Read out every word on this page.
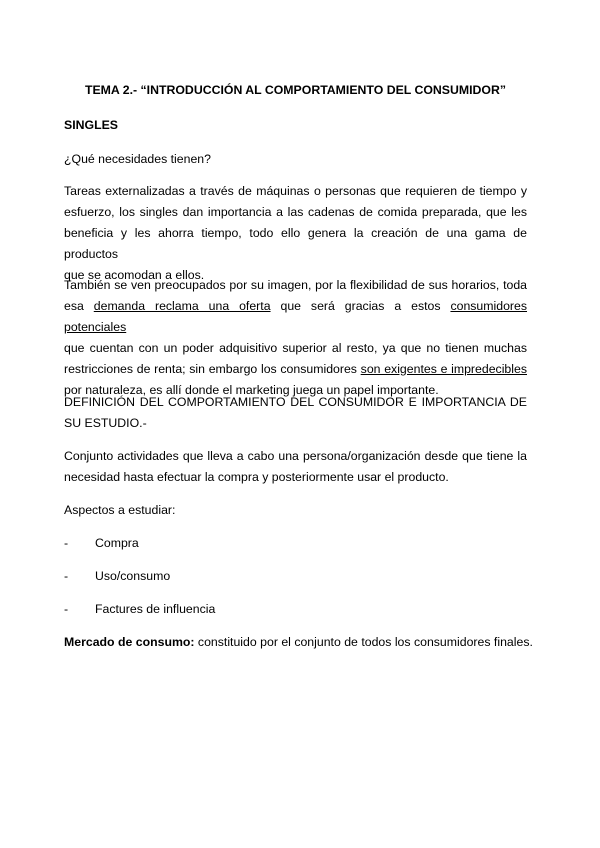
TEMA 2.- “INTRODUCCIÓN AL COMPORTAMIENTO DEL CONSUMIDOR”
SINGLES
¿Qué necesidades tienen?
Tareas externalizadas a través de máquinas o personas que requieren de tiempo y
esfuerzo, los singles dan importancia a las cadenas de comida preparada, que les
beneficia y les ahorra tiempo, todo ello genera la creación de una gama de productos
que se acomodan a ellos.
También se ven preocupados por su imagen, por la flexibilidad de sus horarios, toda
esa demanda reclama una oferta que será gracias a estos consumidores potenciales
que cuentan con un poder adquisitivo superior al resto, ya que no tienen muchas
restricciones de renta; sin embargo los consumidores son exigentes e impredecibles
por naturaleza, es allí donde el marketing juega un papel importante.
DEFINICIÓN DEL COMPORTAMIENTO DEL CONSUMIDOR E IMPORTANCIA DE
SU ESTUDIO.-
Conjunto actividades que lleva a cabo una persona/organización desde que tiene la
necesidad hasta efectuar la compra y posteriormente usar el producto.
Aspectos a estudiar:
- Compra
- Uso/consumo
- Factures de influencia
Mercado de consumo: constituido por el conjunto de todos los consumidores finales.
